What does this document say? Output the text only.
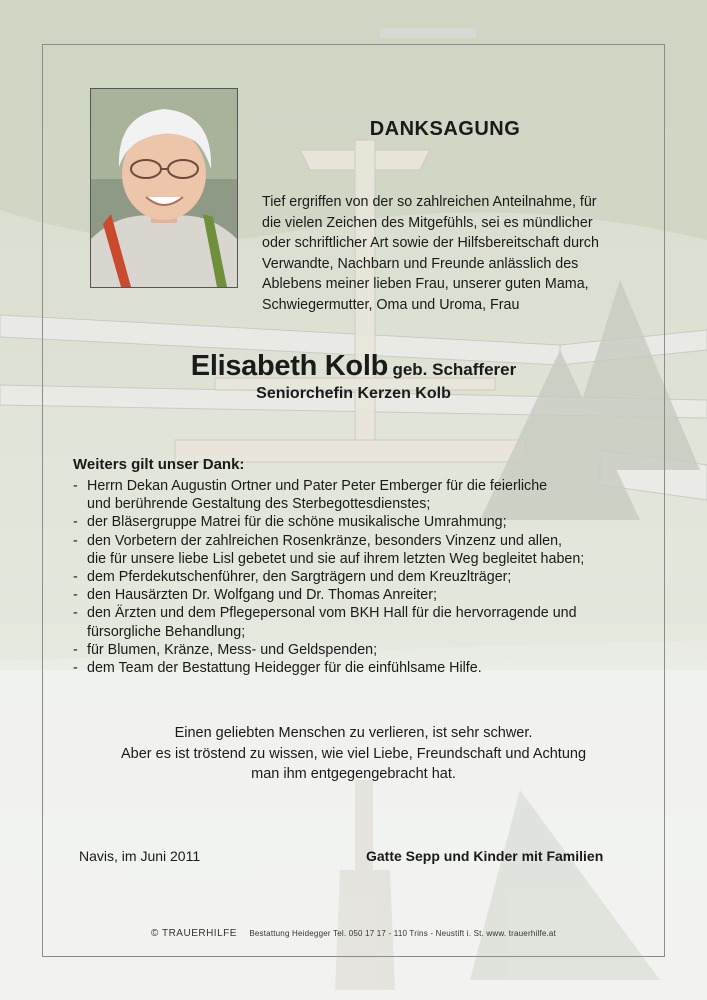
DANKSAGUNG
Tief ergriffen von der so zahlreichen Anteilnahme, für
die vielen Zeichen des Mitgefühls, sei es mündlicher
oder schriftlicher Art sowie der Hilfsbereitschaft durch
Verwandte, Nachbarn und Freunde anlässlich des
Ablebens meiner lieben Frau, unserer guten Mama,
Schwiegermutter, Oma und Uroma, Frau
Elisabeth Kolb geb. Schafferer
Seniorchefin Kerzen Kolb
Weiters gilt unser Dank:
- Herrn Dekan Augustin Ortner und Pater Peter Emberger für die feierliche
und berührende Gestaltung des Sterbegottesdienstes;
- der Bläsergruppe Matrei für die schöne musikalische Umrahmung;
- den Vorbetern der zahlreichen Rosenkränze, besonders Vinzenz und allen,
die für unsere liebe Lisl gebetet und sie auf ihrem letzten Weg begleitet haben;
- dem Pferdekutschenführer, den Sargträgern und dem Kreuzlträger;
- den Hausärzten Dr. Wolfgang und Dr. Thomas Anreiter;
- den Ärzten und dem Pflegepersonal vom BKH Hall für die hervorragende und
fürsorgliche Behandlung;
- für Blumen, Kränze, Mess- und Geldspenden;
- dem Team der Bestattung Heidegger für die einfühlsame Hilfe.
Einen geliebten Menschen zu verlieren, ist sehr schwer.
Aber es ist tröstend zu wissen, wie viel Liebe, Freundschaft und Achtung
man ihm entgegengebracht hat.
Navis, im Juni 2011	Gatte Sepp und Kinder mit Familien
© TRAUERHILFE Bestattung Heidegger Tel. 050 17 17 - 110 Trins - Neustift i. St. www. trauerhilfe.at
